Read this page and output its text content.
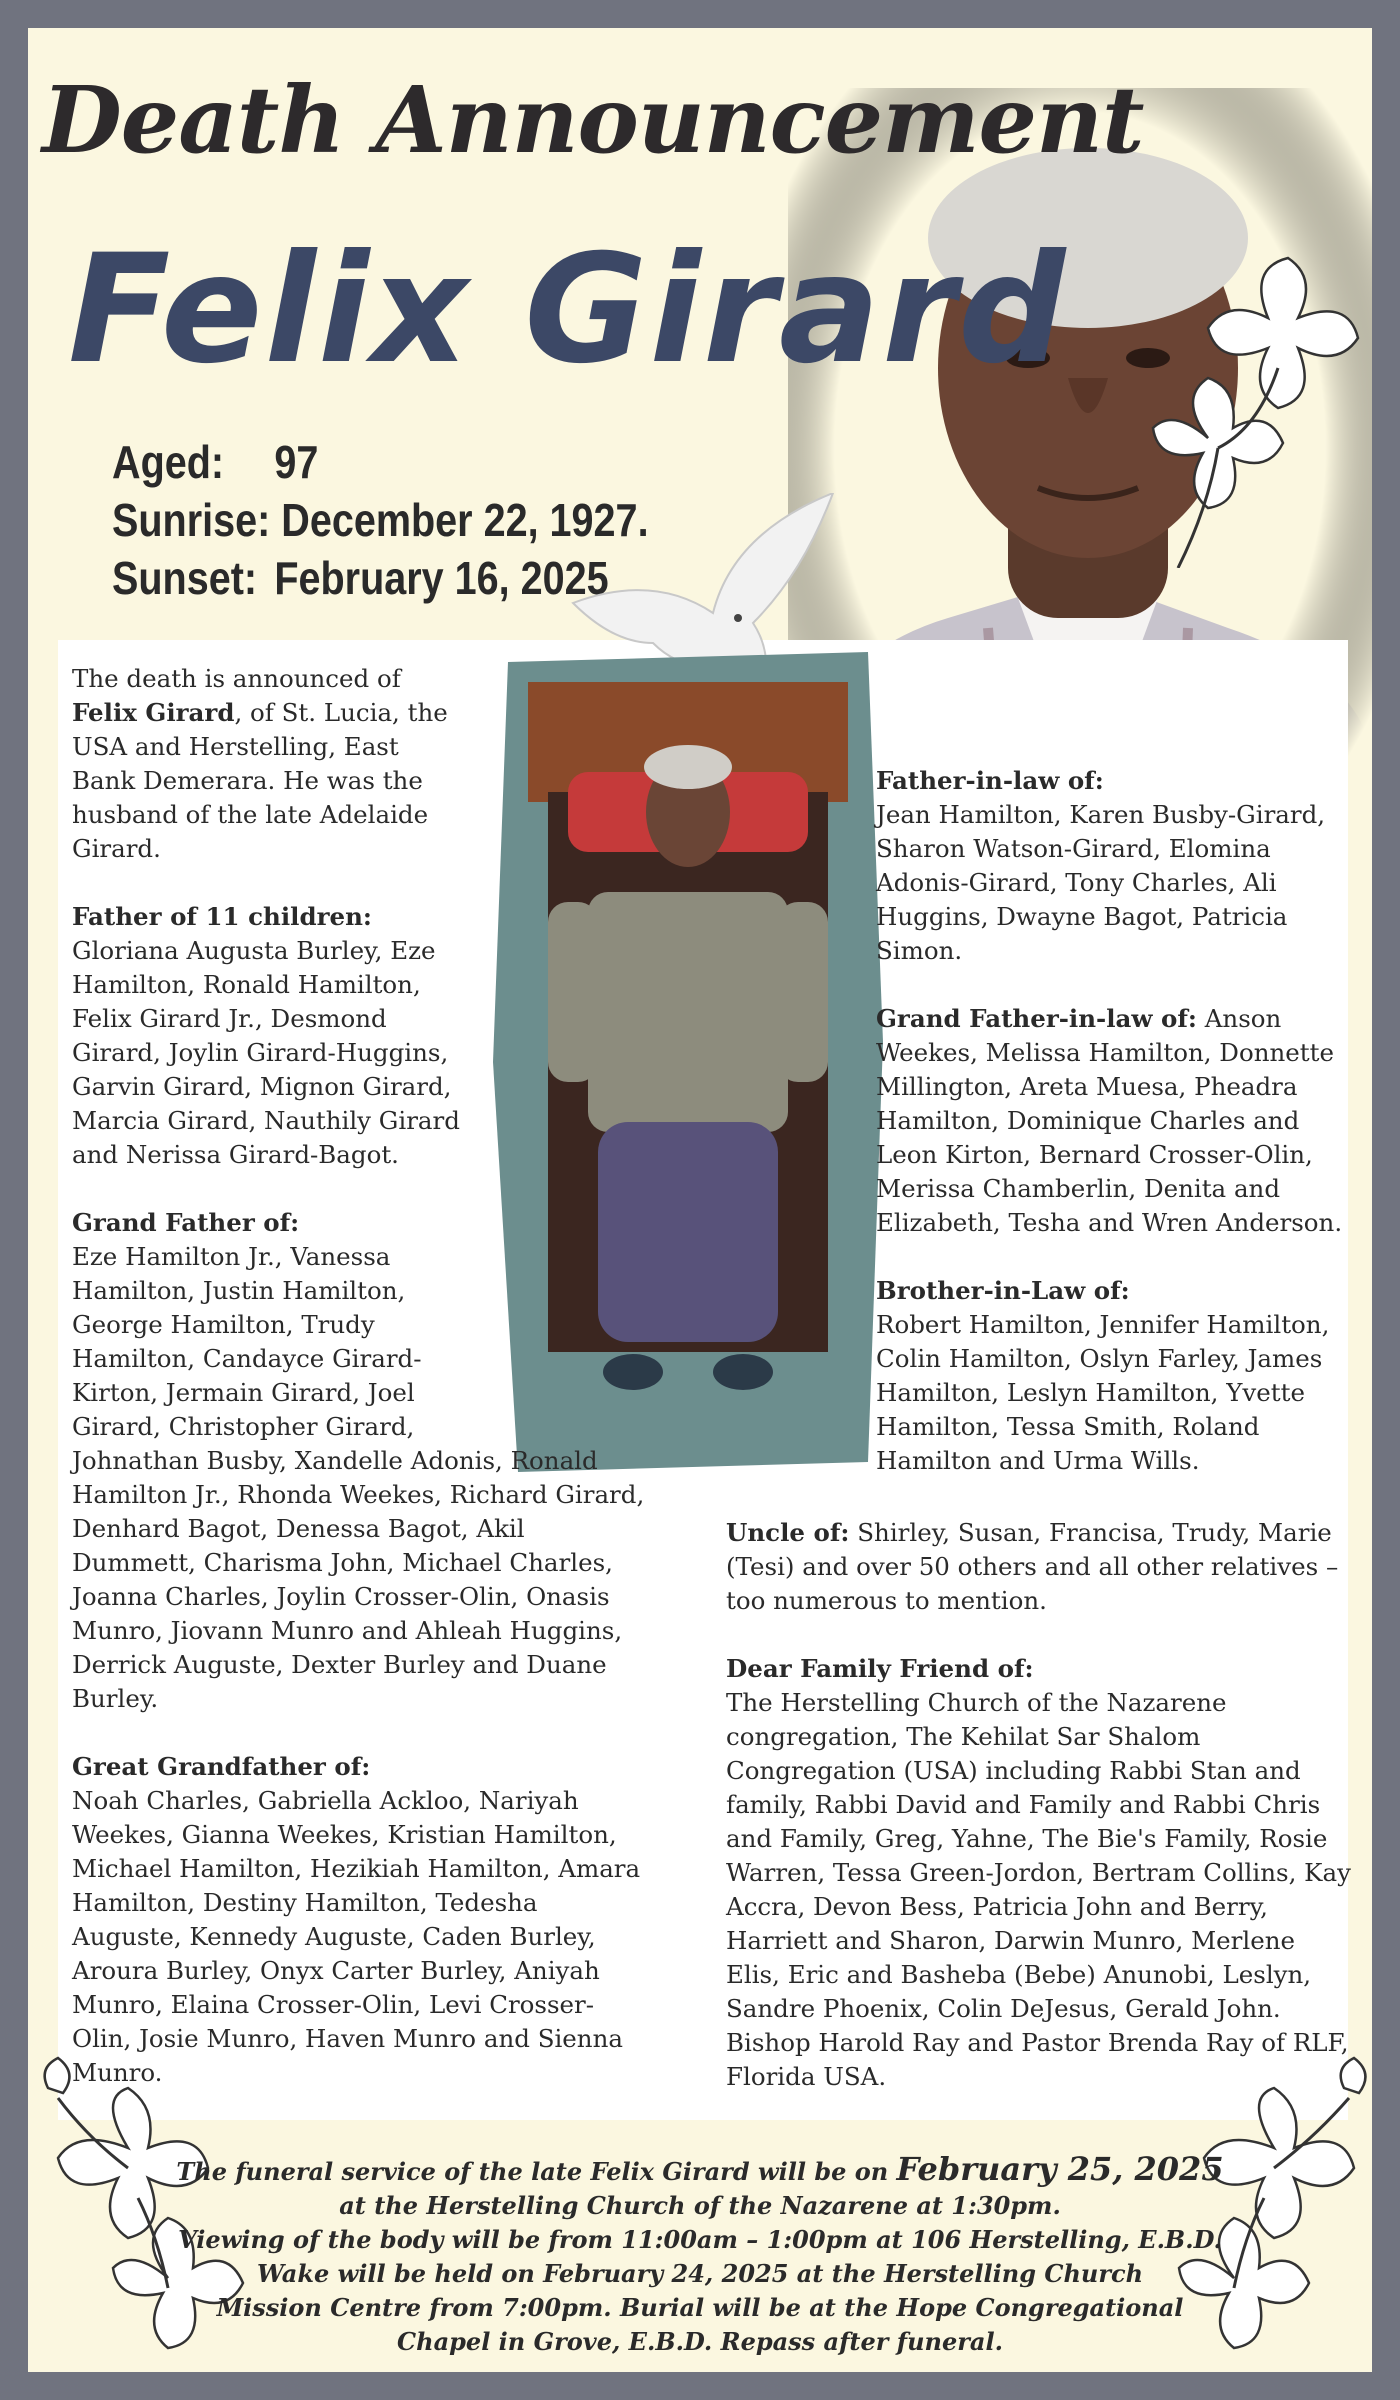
Death Announcement
Felix Girard
Aged: 97
Sunrise: December 22, 1927.
Sunset: February 16, 2025

The death is announced of Felix Girard, of St. Lucia, the USA and Herstelling, East Bank Demerara. He was the husband of the late Adelaide Girard.

Father of 11 children:
Gloriana Augusta Burley, Eze Hamilton, Ronald Hamilton, Felix Girard Jr., Desmond Girard, Joylin Girard-Huggins, Garvin Girard, Mignon Girard, Marcia Girard, Nauthily Girard and Nerissa Girard-Bagot.

Grand Father of:

Eze Hamilton Jr., Vanessa Hamilton, Justin Hamilton, George Hamilton, Trudy Hamilton, Candayce Girard-Kirton, Jermain Girard, Joel Girard, Christopher Girard,
Johnathan Busby, Xandelle Adonis, Ronald Hamilton Jr., Rhonda Weekes, Richard Girard, Denhard Bagot, Denessa Bagot, Akil Dummett, Charisma John, Michael Charles, Joanna Charles, Joylin Crosser-Olin, Onasis Munro, Jiovann Munro and Ahleah Huggins, Derrick Auguste, Dexter Burley and Duane Burley.

Great Grandfather of:
Noah Charles, Gabriella Ackloo, Nariyah Weekes, Gianna Weekes, Kristian Hamilton, Michael Hamilton, Hezikiah Hamilton, Amara Hamilton, Destiny Hamilton, Tedesha Auguste, Kennedy Auguste, Caden Burley, Aroura Burley, Onyx Carter Burley, Aniyah Munro, Elaina Crosser-Olin, Levi Crosser-Olin, Josie Munro, Haven Munro and Sienna Munro.

Father-in-law of:
Jean Hamilton, Karen Busby-Girard, Sharon Watson-Girard, Elomina Adonis-Girard, Tony Charles, Ali Huggins, Dwayne Bagot, Patricia Simon.

Grand Father-in-law of: Anson Weekes, Melissa Hamilton, Donnette Millington, Areta Muesa, Pheadra Hamilton, Dominique Charles and Leon Kirton, Bernard Crosser-Olin, Merissa Chamberlin, Denita and Elizabeth, Tesha and Wren Anderson.

Brother-in-Law of:
Robert Hamilton, Jennifer Hamilton, Colin Hamilton, Oslyn Farley, James Hamilton, Leslyn Hamilton, Yvette Hamilton, Tessa Smith, Roland Hamilton and Urma Wills.

Uncle of: Shirley, Susan, Francisa, Trudy, Marie (Tesi) and over 50 others and all other relatives – too numerous to mention.

Dear Family Friend of:
The Herstelling Church of the Nazarene congregation, The Kehilat Sar Shalom Congregation (USA) including Rabbi Stan and family, Rabbi David and Family and Rabbi Chris and Family, Greg, Yahne, The Bie's Family, Rosie Warren, Tessa Green-Jordon, Bertram Collins, Kay Accra, Devon Bess, Patricia John and Berry, Harriett and Sharon, Darwin Munro, Merlene Elis, Eric and Basheba (Bebe) Anunobi, Leslyn, Sandre Phoenix, Colin DeJesus, Gerald John. Bishop Harold Ray and Pastor Brenda Ray of RLF, Florida USA.

The funeral service of the late Felix Girard will be on February 25, 2025
at the Herstelling Church of the Nazarene at 1:30pm.
Viewing of the body will be from 11:00am – 1:00pm at 106 Herstelling, E.B.D.
Wake will be held on February 24, 2025 at the Herstelling Church
Mission Centre from 7:00pm. Burial will be at the Hope Congregational
Chapel in Grove, E.B.D. Repass after funeral.
